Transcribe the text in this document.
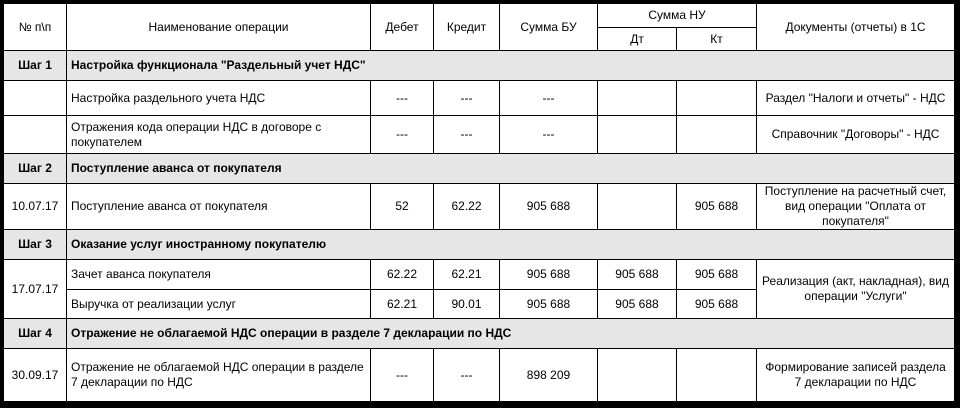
№ п\п	Наименование операции	Дебет	Кредит	Сумма БУ	Сумма НУ		Документы (отчеты) в 1С
					Дт	Кт	
Шаг 1	Настройка функционала "Раздельный учет НДС"						
	Настройка раздельного учета НДС	---	---	---			Раздел "Налоги и отчеты" - НДС
	Отражения кода операции НДС в договоре с покупателем	---	---	---			Справочник "Договоры" - НДС
Шаг 2	Поступление аванса от покупателя						
10.07.17	Поступление аванса от покупателя	52	62.22	905 688		905 688	Поступление на расчетный счет, вид операции "Оплата от покупателя"
Шаг 3	Оказание услуг иностранному покупателю						
17.07.17	Зачет аванса покупателя	62.22	62.21	905 688	905 688	905 688	Реализация (акт, накладная), вид операции "Услуги"
	Выручка от реализации услуг	62.21	90.01	905 688	905 688	905 688	
Шаг 4	Отражение не облагаемой НДС операции в разделе 7 декларации по НДС						
30.09.17	Отражение не облагаемой НДС операции в разделе 7 декларации по НДС	---	---	898 209			Формирование записей раздела 7 декларации по НДС
